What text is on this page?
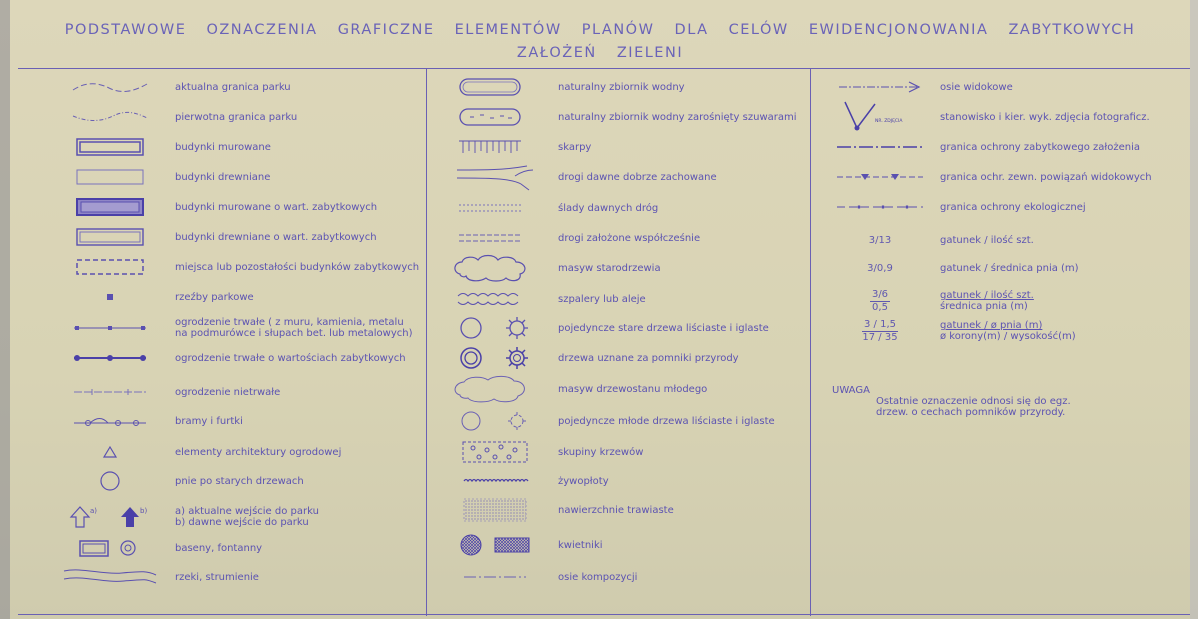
PODSTAWOWE OZNACZENIA GRAFICZNE ELEMENTÓW PLANÓW DLA CELÓW EWIDENCJONOWANIA ZABYTKOWYCH
ZAŁOŻEŃ ZIELENI
aktualna granica parku
pierwotna granica parku
budynki murowane
budynki drewniane
budynki murowane o wart. zabytkowych
budynki drewniane o wart. zabytkowych
miejsca lub pozostałości budynków zabytkowych
rzeźby parkowe
ogrodzenie trwałe ( z muru, kamienia, metalu
na podmurówce i słupach bet. lub metalowych)
ogrodzenie trwałe o wartościach zabytkowych
ogrodzenie nietrwałe
bramy i furtki
elementy architektury ogrodowej
pnie po starych drzewach
a)	b)	a) aktualne wejście do parku
b) dawne wejście do parku
baseny, fontanny
rzeki, strumienie
naturalny zbiornik wodny
naturalny zbiornik wodny zarośnięty szuwarami
skarpy
drogi dawne dobrze zachowane
ślady dawnych dróg
drogi założone współcześnie
masyw starodrzewia
szpalery lub aleje
pojedyncze stare drzewa liściaste i iglaste
drzewa uznane za pomniki przyrody
masyw drzewostanu młodego
pojedyncze młode drzewa liściaste i iglaste
skupiny krzewów
żywopłoty
nawierzchnie trawiaste
kwietniki
osie kompozycji
osie widokowe
NR. ZDJĘCIA	stanowisko i kier. wyk. zdjęcia fotograficz.
granica ochrony zabytkowego założenia
granica ochr. zewn. powiązań widokowych
granica ochrony ekologicznej
3/13	gatunek / ilość szt.
3/0,9	gatunek / średnica pnia (m)
$\frac{3/6}{0,5}$	gatunek / ilość szt.
średnica pnia (m)
$\frac{3 / 1,5}{17 / 35}$	gatunek / ø pnia (m)
ø korony(m) / wysokość(m)
UWAGA
Ostatnie oznaczenie odnosi się do egz.
drzew. o cechach pomników przyrody.
